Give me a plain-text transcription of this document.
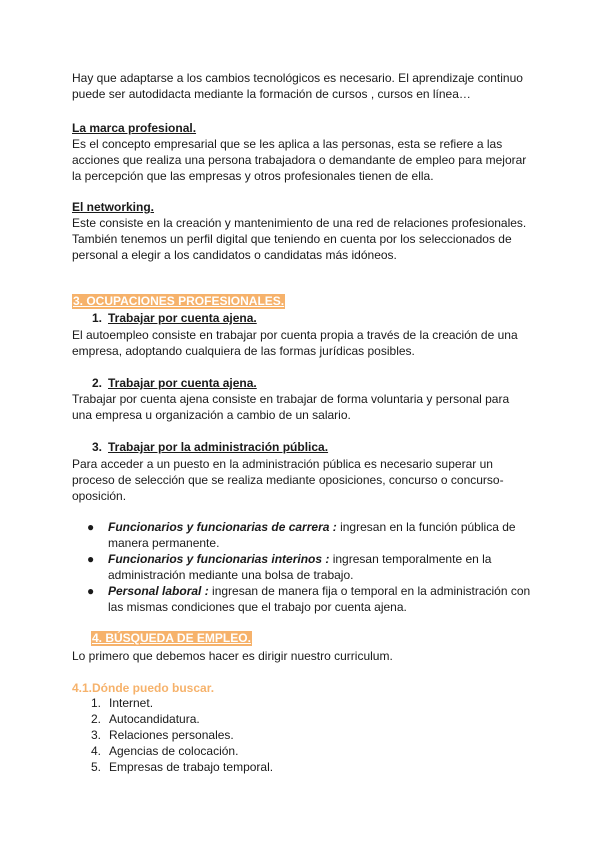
Hay que adaptarse a los cambios tecnológicos es necesario. El aprendizaje continuo puede ser autodidacta mediante la formación de cursos , cursos en línea…

La marca profesional.

Es el concepto empresarial que se les aplica a las personas, esta se refiere a las acciones que realiza una persona trabajadora o demandante de empleo para mejorar la percepción que las empresas y otros profesionales tienen de ella.

El networking.

Este consiste en la creación y mantenimiento de una red de relaciones profesionales. También tenemos un perfil digital que teniendo en cuenta por los seleccionados de personal a elegir a los candidatos o candidatas más idóneos.

3. OCUPACIONES PROFESIONALES.
1. Trabajar por cuenta ajena.

El autoempleo consiste en trabajar por cuenta propia a través de la creación de una empresa, adoptando cualquiera de las formas jurídicas posibles.

2. Trabajar por cuenta ajena.

Trabajar por cuenta ajena consiste en trabajar de forma voluntaria y personal para una empresa u organización a cambio de un salario.

3. Trabajar por la administración pública.

Para acceder a un puesto en la administración pública es necesario superar un proceso de selección que se realiza mediante oposiciones, concurso o concurso-oposición.

● Funcionarios y funcionarias de carrera : ingresan en la función pública de manera permanente.
● Funcionarios y funcionarias interinos : ingresan temporalmente en la administración mediante una bolsa de trabajo.
● Personal laboral : ingresan de manera fija o temporal en la administración con las mismas condiciones que el trabajo por cuenta ajena.
4. BÚSQUEDA DE EMPLEO.

Lo primero que debemos hacer es dirigir nuestro curriculum.

4.1.Dónde puedo buscar.
1. Internet.
2. Autocandidatura.
3. Relaciones personales.
4. Agencias de colocación.
5. Empresas de trabajo temporal.
